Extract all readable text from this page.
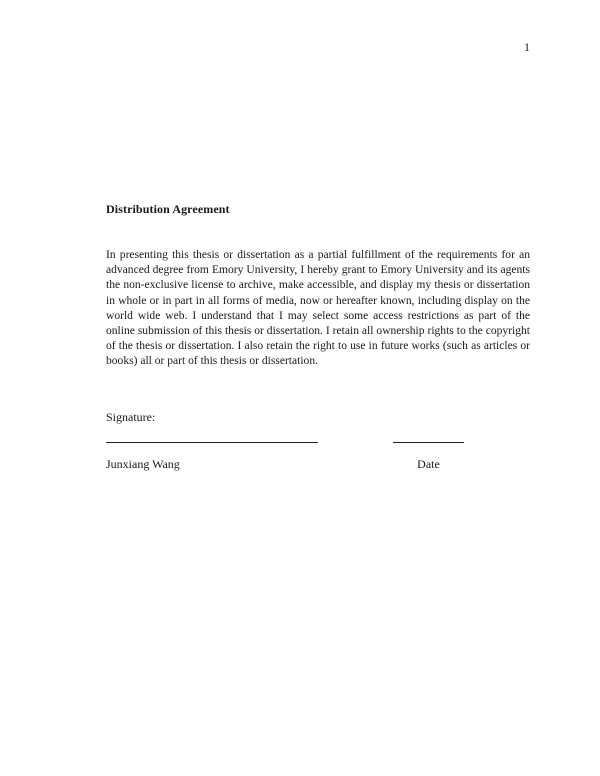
1
Distribution Agreement

In presenting this thesis or dissertation as a partial fulfillment of the requirements for an advanced degree from Emory University, I hereby grant to Emory University and its agents the non-exclusive license to archive, make accessible, and display my thesis or dissertation in whole or in part in all forms of media, now or hereafter known, including display on the world wide web. I understand that I may select some access restrictions as part of the online submission of this thesis or dissertation. I retain all ownership rights to the copyright of the thesis or dissertation. I also retain the right to use in future works (such as articles or books) all or part of this thesis or dissertation.

Signature:
Junxiang Wang	Date
